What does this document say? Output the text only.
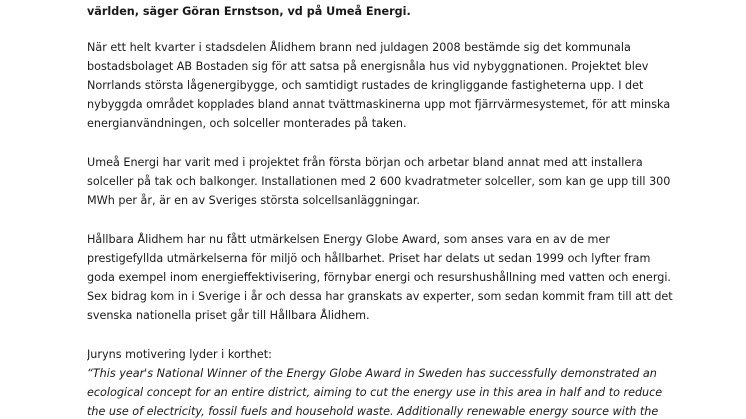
världen, säger Göran Ernstson, vd på Umeå Energi.
När ett helt kvarter i stadsdelen Ålidhem brann ned juldagen 2008 bestämde sig det kommunala
bostadsbolaget AB Bostaden sig för att satsa på energisnåla hus vid nybyggnationen. Projektet blev
Norrlands största lågenergibygge, och samtidigt rustades de kringliggande fastigheterna upp. I det
nybyggda området kopplades bland annat tvättmaskinerna upp mot fjärrvärmesystemet, för att minska
energianvändningen, och solceller monterades på taken.
Umeå Energi har varit med i projektet från första början och arbetar bland annat med att installera
solceller på tak och balkonger. Installationen med 2 600 kvadratmeter solceller, som kan ge upp till 300
MWh per år, är en av Sveriges största solcellsanläggningar.
Hållbara Ålidhem har nu fått utmärkelsen Energy Globe Award, som anses vara en av de mer
prestigefyllda utmärkelserna för miljö och hållbarhet. Priset har delats ut sedan 1999 och lyfter fram
goda exempel inom energieffektivisering, förnybar energi och resurshushållning med vatten och energi.
Sex bidrag kom in i Sverige i år och dessa har granskats av experter, som sedan kommit fram till att det
svenska nationella priset går till Hållbara Ålidhem.
Juryns motivering lyder i korthet:
“This year's National Winner of the Energy Globe Award in Sweden has successfully demonstrated an
ecological concept for an entire district, aiming to cut the energy use in this area in half and to reduce
the use of electricity, fossil fuels and household waste. Additionally renewable energy source with the
